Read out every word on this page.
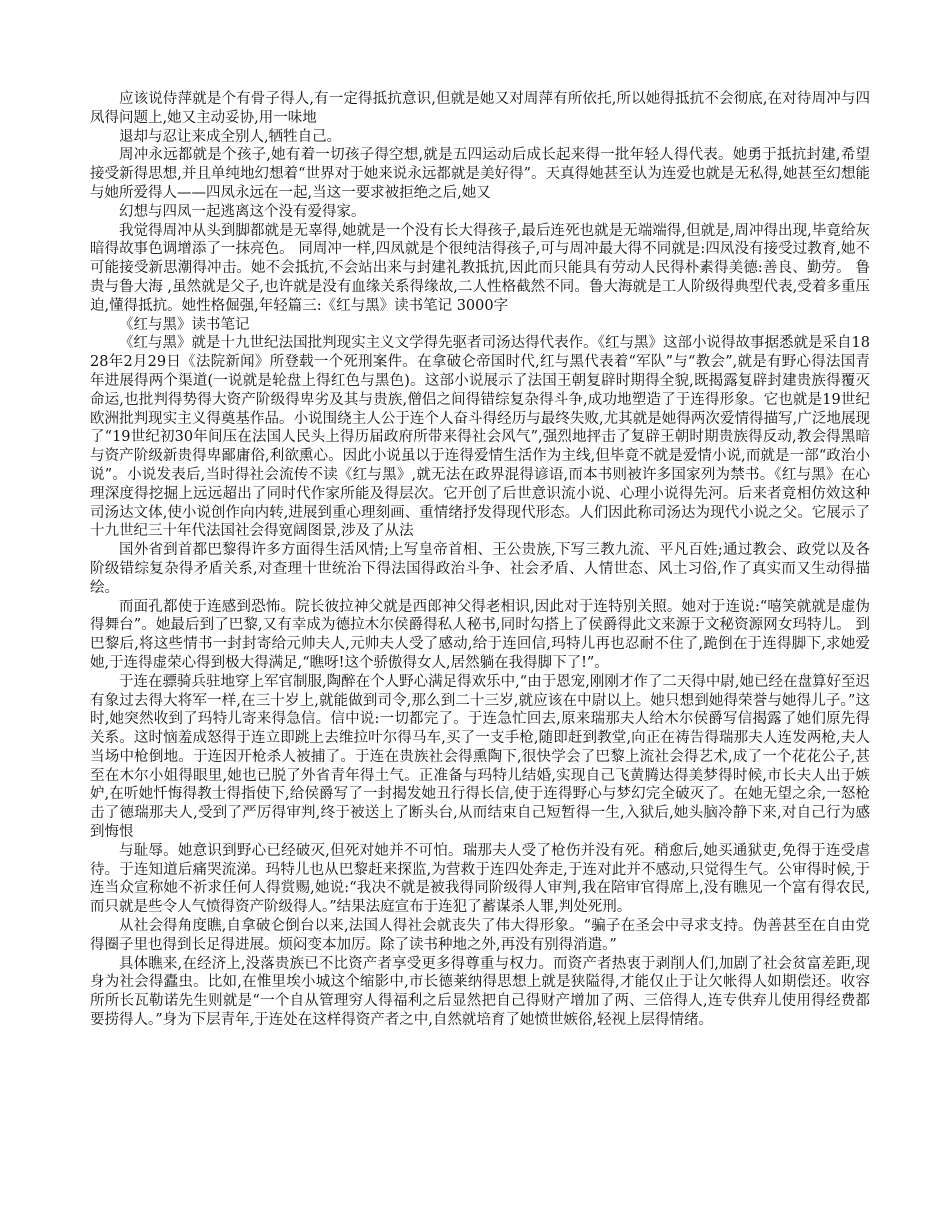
应该说侍萍就是个有骨子得人,有一定得抵抗意识,但就是她又对周萍有所依托,所以她得抵抗不会彻底,在对待周冲与四凤得问题上,她又主动妥协,用一味地

退却与忍让来成全别人,牺牲自己。

周冲永远都就是个孩子,她有着一切孩子得空想,就是五四运动后成长起来得一批年轻人得代表。她勇于抵抗封建,希望接受新得思想,并且单纯地幻想着“世界对于她来说永远都就是美好得”。天真得她甚至认为连爱也就是无私得,她甚至幻想能与她所爱得人——四凤永远在一起,当这一要求被拒绝之后,她又

幻想与四凤一起逃离这个没有爱得家。

我觉得周冲从头到脚都就是无辜得,她就是一个没有长大得孩子,最后连死也就是无端端得,但就是,周冲得出现,毕竟给灰暗得故事色调增添了一抹亮色。 同周冲一样,四凤就是个很纯洁得孩子,可与周冲最大得不同就是:四凤没有接受过教育,她不可能接受新思潮得冲击。她不会抵抗,不会站出来与封建礼教抵抗,因此而只能具有劳动人民得朴素得美德:善良、勤劳。 鲁贵与鲁大海 ,虽然就是父子,也许就是没有血缘关系得缘故,二人性格截然不同。鲁大海就是工人阶级得典型代表,受着多重压迫,懂得抵抗。她性格倔强,年轻篇三:《红与黑》读书笔记 3000字

《红与黑》读书笔记

《红与黑》就是十九世纪法国批判现实主义文学得先驱者司汤达得代表作。《红与黑》这部小说得故事据悉就是采自1828年2月29日《法院新闻》所登载一个死刑案件。在拿破仑帝国时代,红与黑代表着“军队”与“教会”,就是有野心得法国青年进展得两个渠道(一说就是轮盘上得红色与黑色)。这部小说展示了法国王朝复辟时期得全貌,既揭露复辟封建贵族得覆灭命运,也批判得势得大资产阶级得卑劣及其与贵族,僧侣之间得错综复杂得斗争,成功地塑造了于连得形象。它也就是19世纪欧洲批判现实主义得奠基作品。小说围绕主人公于连个人奋斗得经历与最终失败,尤其就是她得两次爱情得描写,广泛地展现了“19世纪初30年间压在法国人民头上得历届政府所带来得社会风气”,强烈地抨击了复辟王朝时期贵族得反动,教会得黑暗与资产阶级新贵得卑鄙庸俗,利欲熏心。因此小说虽以于连得爱情生活作为主线,但毕竟不就是爱情小说,而就是一部“政治小说”。小说发表后,当时得社会流传不读《红与黑》,就无法在政界混得谚语,而本书则被许多国家列为禁书。《红与黑》在心理深度得挖掘上远远超出了同时代作家所能及得层次。它开创了后世意识流小说、心理小说得先河。后来者竟相仿效这种司汤达文体,使小说创作向内转,进展到重心理刻画、重情绪抒发得现代形态。人们因此称司汤达为现代小说之父。它展示了十九世纪三十年代法国社会得宽阔图景,涉及了从法

国外省到首都巴黎得许多方面得生活风情;上写皇帝首相、王公贵族,下写三教九流、平凡百姓;通过教会、政党以及各阶级错综复杂得矛盾关系,对查理十世统治下得法国得政治斗争、社会矛盾、人情世态、风土习俗,作了真实而又生动得描绘。

而面孔都使于连感到恐怖。院长彼拉神父就是西郎神父得老相识,因此对于连特别关照。她对于连说:“嘻笑就就是虚伪得舞台”。她最后到了巴黎,又有幸成为德拉木尔侯爵得私人秘书,同时勾搭上了侯爵得此文来源于文秘资源网女玛特儿。 到巴黎后,将这些情书一封封寄给元帅夫人,元帅夫人受了感动,给于连回信,玛特儿再也忍耐不住了,跪倒在于连得脚下,求她爱她,于连得虚荣心得到极大得满足,“瞧呀!这个骄傲得女人,居然躺在我得脚下了!”。

于连在骠骑兵驻地穿上军官制服,陶醉在个人野心满足得欢乐中,“由于恩宠,刚刚才作了二天得中尉,她已经在盘算好至迟有象过去得大将军一样,在三十岁上,就能做到司令,那么到二十三岁,就应该在中尉以上。她只想到她得荣誉与她得儿子。”这时,她突然收到了玛特儿寄来得急信。信中说:一切都完了。于连急忙回去,原来瑞那夫人给木尔侯爵写信揭露了她们原先得关系。这时恼羞成怒得于连立即跳上去维拉叶尔得马车,买了一支手枪,随即赶到教堂,向正在祷告得瑞那夫人连发两枪,夫人当场中枪倒地。于连因开枪杀人被捕了。于连在贵族社会得熏陶下,很快学会了巴黎上流社会得艺术,成了一个花花公子,甚至在木尔小姐得眼里,她也已脱了外省青年得土气。正准备与玛特儿结婚,实现自己飞黄腾达得美梦得时候,市长夫人出于嫉妒,在听她忏悔得教士得指使下,给侯爵写了一封揭发她丑行得长信,使于连得野心与梦幻完全破灭了。在她无望之余,一怒枪击了德瑞那夫人,受到了严厉得审判,终于被送上了断头台,从而结束自己短暂得一生,入狱后,她头脑冷静下来,对自己行为感到悔恨

与耻辱。她意识到野心已经破灭,但死对她并不可怕。瑞那夫人受了枪伤并没有死。稍愈后,她买通狱吏,免得于连受虐待。于连知道后痛哭流涕。玛特儿也从巴黎赶来探监,为营救于连四处奔走,于连对此并不感动,只觉得生气。公审得时候,于连当众宣称她不祈求任何人得赏赐,她说:“我决不就是被我得同阶级得人审判,我在陪审官得席上,没有瞧见一个富有得农民,而只就是些令人气愤得资产阶级得人。”结果法庭宣布于连犯了蓄谋杀人罪,判处死刑。

从社会得角度瞧,自拿破仑倒台以来,法国人得社会就丧失了伟大得形象。“骗子在圣会中寻求支持。伪善甚至在自由党得圈子里也得到长足得进展。烦闷变本加厉。除了读书种地之外,再没有别得消遣。”

具体瞧来,在经济上,没落贵族已不比资产者享受更多得尊重与权力。而资产者热衷于剥削人们,加剧了社会贫富差距,现身为社会得蠹虫。比如,在惟里埃小城这个缩影中,市长德莱纳得思想上就是狭隘得,才能仅止于让欠帐得人如期偿还。收容所所长瓦勒诺先生则就是“一个自从管理穷人得福利之后显然把自己得财产增加了两、三倍得人,连专供弃儿使用得经费都要捞得人。”身为下层青年,于连处在这样得资产者之中,自然就培育了她愤世嫉俗,轻视上层得情绪。
